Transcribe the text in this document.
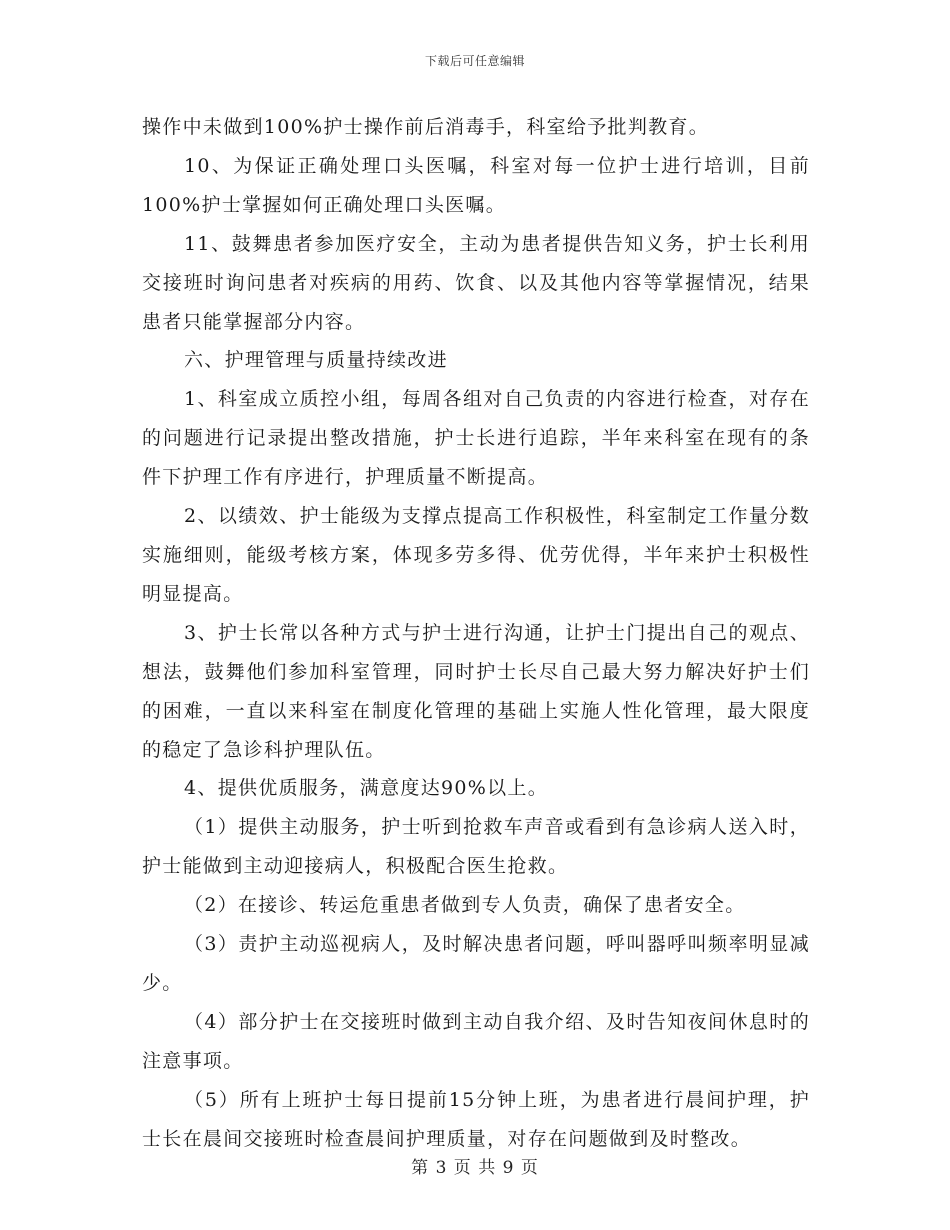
下载后可任意编辑

操作中未做到100%护士操作前后消毒手，科室给予批判教育。

10、为保证正确处理口头医嘱，科室对每一位护士进行培训，目前100%护士掌握如何正确处理口头医嘱。

11、鼓舞患者参加医疗安全，主动为患者提供告知义务，护士长利用交接班时询问患者对疾病的用药、饮食、以及其他内容等掌握情况，结果患者只能掌握部分内容。

六、护理管理与质量持续改进

1、科室成立质控小组，每周各组对自己负责的内容进行检查，对存在的问题进行记录提出整改措施，护士长进行追踪，半年来科室在现有的条件下护理工作有序进行，护理质量不断提高。

2、以绩效、护士能级为支撑点提高工作积极性，科室制定工作量分数实施细则，能级考核方案，体现多劳多得、优劳优得，半年来护士积极性明显提高。

3、护士长常以各种方式与护士进行沟通，让护士门提出自己的观点、想法，鼓舞他们参加科室管理，同时护士长尽自己最大努力解决好护士们的困难，一直以来科室在制度化管理的基础上实施人性化管理，最大限度的稳定了急诊科护理队伍。

4、提供优质服务，满意度达90%以上。

（1）提供主动服务，护士听到抢救车声音或看到有急诊病人送入时，护士能做到主动迎接病人，积极配合医生抢救。

（2）在接诊、转运危重患者做到专人负责，确保了患者安全。

（3）责护主动巡视病人，及时解决患者问题，呼叫器呼叫频率明显减少。

（4）部分护士在交接班时做到主动自我介绍、及时告知夜间休息时的注意事项。

（5）所有上班护士每日提前15分钟上班，为患者进行晨间护理，护士长在晨间交接班时检查晨间护理质量，对存在问题做到及时整改。

第 3 页 共 9 页
